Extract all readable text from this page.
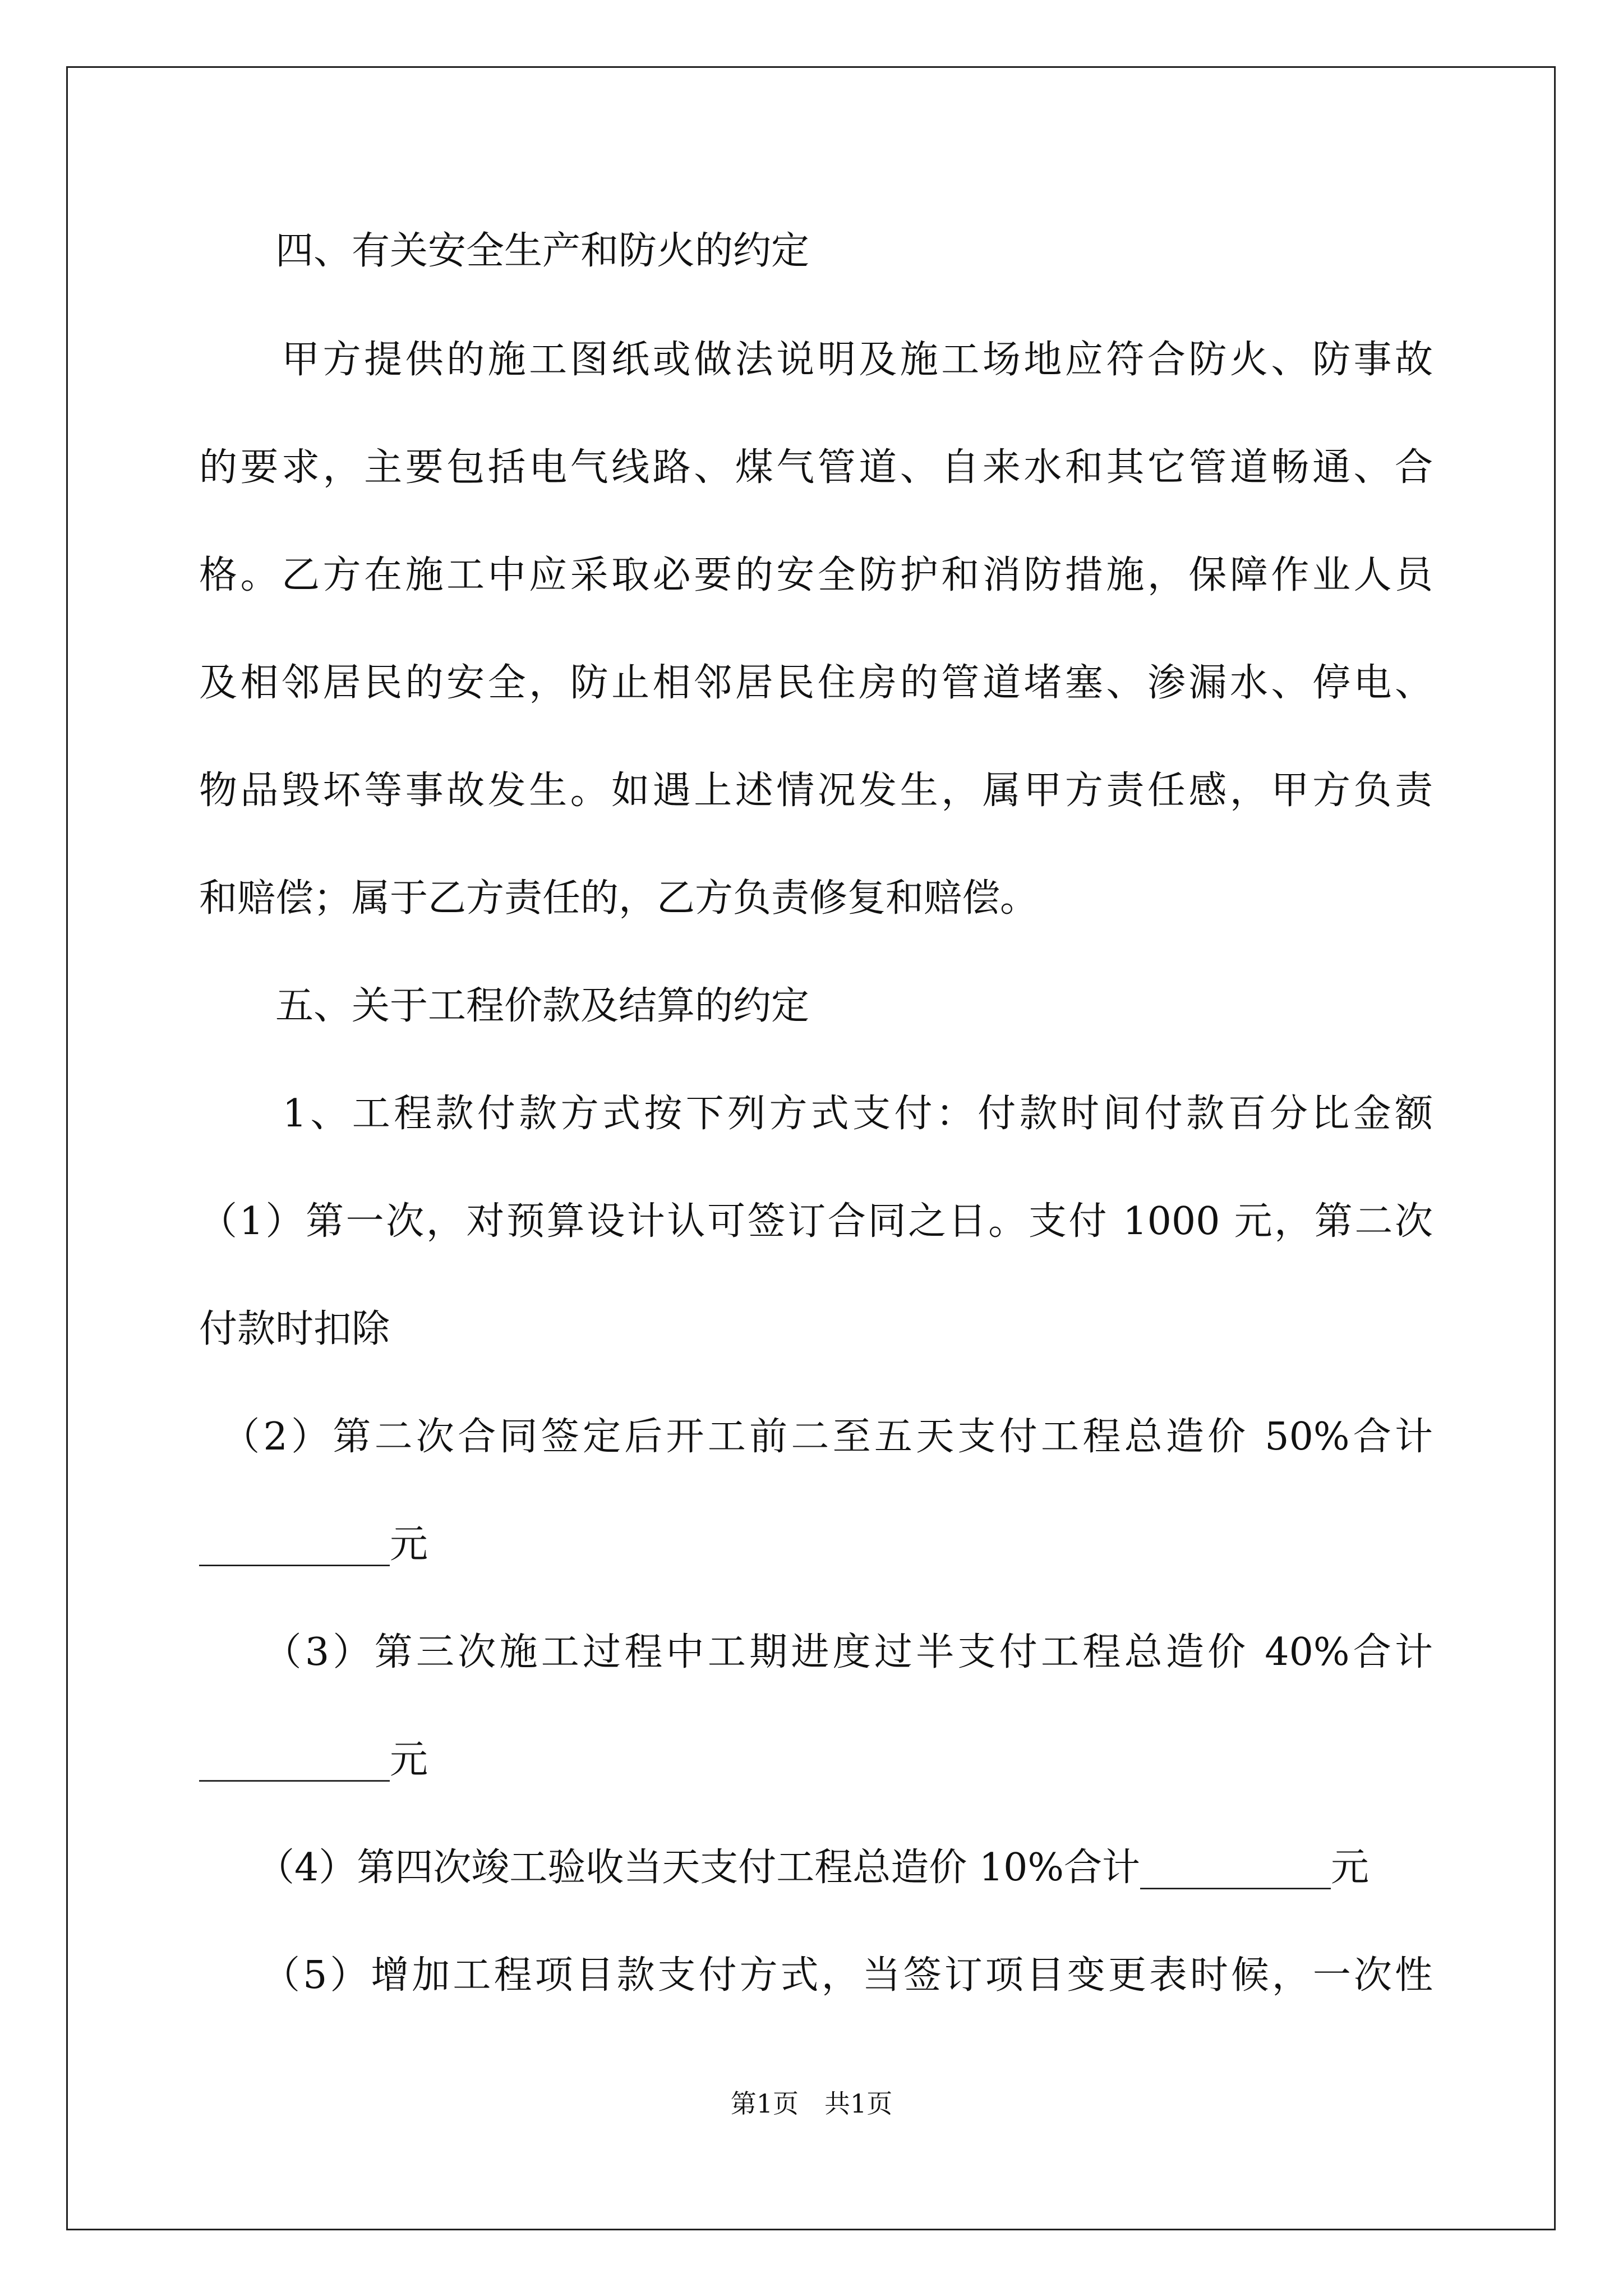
　　四、有关安全生产和防火的约定
　　甲方提供的施工图纸或做法说明及施工场地应符合防火、防事故
的要求，主要包括电气线路、煤气管道、自来水和其它管道畅通、合
格。乙方在施工中应采取必要的安全防护和消防措施，保障作业人员
及相邻居民的安全，防止相邻居民住房的管道堵塞、渗漏水、停电、
物品毁坏等事故发生。如遇上述情况发生，属甲方责任感，甲方负责
和赔偿；属于乙方责任的，乙方负责修复和赔偿。
　　五、关于工程价款及结算的约定
　　1、工程款付款方式按下列方式支付：付款时间付款百分比金额
（1）第一次，对预算设计认可签订合同之日。支付 1000 元，第二次
付款时扣除
　（2）第二次合同签定后开工前二至五天支付工程总造价 50%合计
__________元
　　（3）第三次施工过程中工期进度过半支付工程总造价 40%合计
__________元
　　（4）第四次竣工验收当天支付工程总造价 10%合计__________元
　　（5）增加工程项目款支付方式，当签订项目变更表时候，一次性
第1页　共1页
